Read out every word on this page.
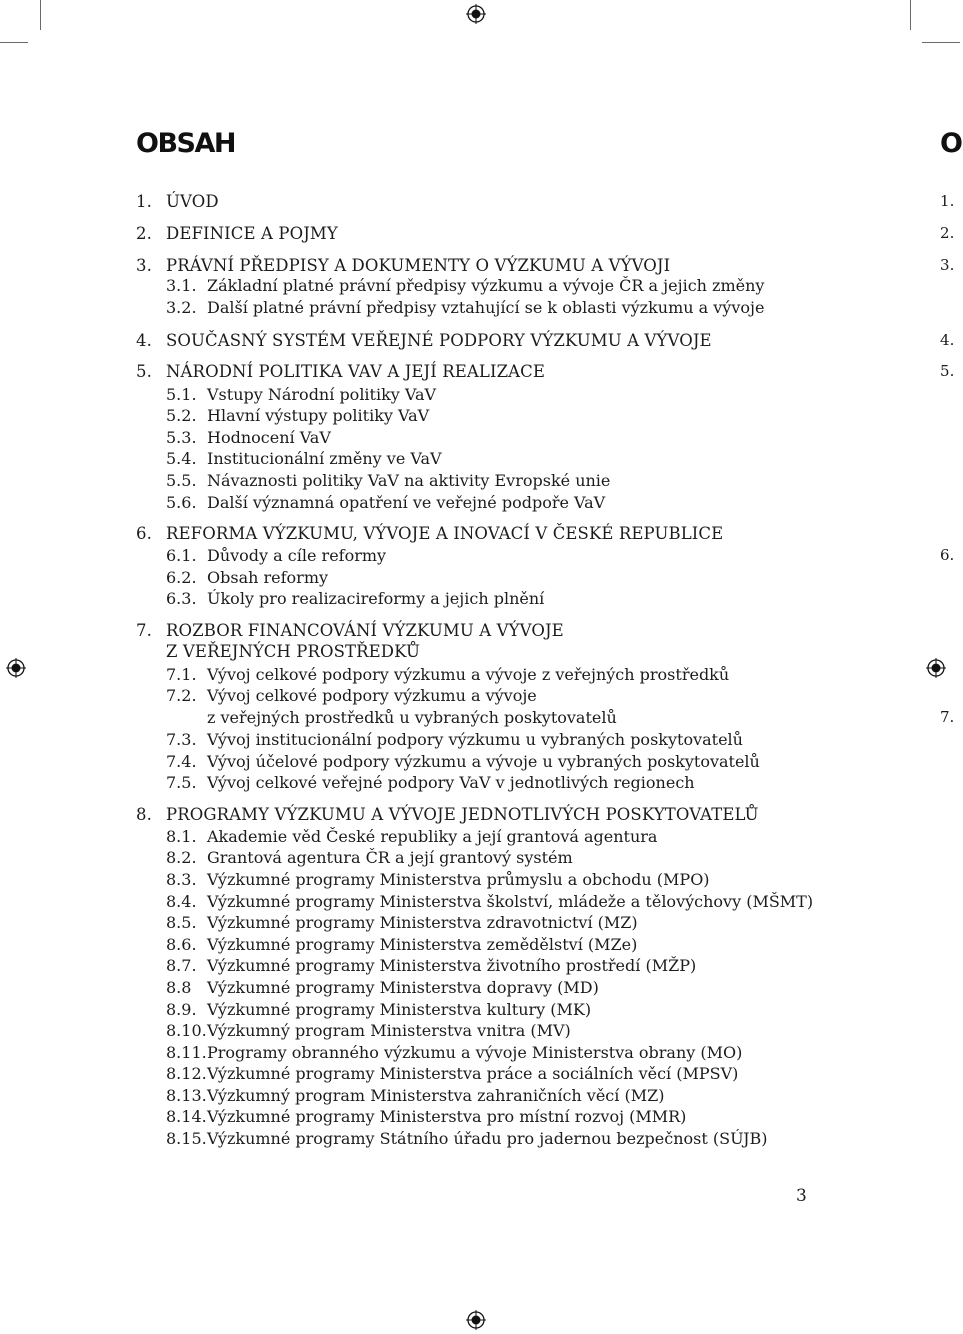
OBSAH	O
1. ÚVOD	1.
2. DEFINICE A POJMY	2.
3. PRÁVNÍ PŘEDPISY A DOKUMENTY O VÝZKUMU A VÝVOJI	3.
3.1. Základní platné právní předpisy výzkumu a vývoje ČR a jejich změny
3.2. Další platné právní předpisy vztahující se k oblasti výzkumu a vývoje
4. SOUČASNÝ SYSTÉM VEŘEJNÉ PODPORY VÝZKUMU A VÝVOJE	4.
5. NÁRODNÍ POLITIKA VAV A JEJÍ REALIZACE	5.
5.1. Vstupy Národní politiky VaV
5.2. Hlavní výstupy politiky VaV
5.3. Hodnocení VaV
5.4. Institucionální změny ve VaV
5.5. Návaznosti politiky VaV na aktivity Evropské unie
5.6. Další významná opatření ve veřejné podpoře VaV
6. REFORMA VÝZKUMU, VÝVOJE A INOVACÍ V ČESKÉ REPUBLICE
6.1. Důvody a cíle reformy	6.
6.2. Obsah reformy
6.3. Úkoly pro realizacireformy a jejich plnění
7. ROZBOR FINANCOVÁNÍ VÝZKUMU A VÝVOJE
Z VEŘEJNÝCH PROSTŘEDKŮ
7.1. Vývoj celkové podpory výzkumu a vývoje z veřejných prostředků
7.2. Vývoj celkové podpory výzkumu a vývoje
z veřejných prostředků u vybraných poskytovatelů	7.
7.3. Vývoj institucionální podpory výzkumu u vybraných poskytovatelů
7.4. Vývoj účelové podpory výzkumu a vývoje u vybraných poskytovatelů
7.5. Vývoj celkové veřejné podpory VaV v jednotlivých regionech
8. PROGRAMY VÝZKUMU A VÝVOJE JEDNOTLIVÝCH POSKYTOVATELŮ
8.1. Akademie věd České republiky a její grantová agentura
8.2. Grantová agentura ČR a její grantový systém
8.3. Výzkumné programy Ministerstva průmyslu a obchodu (MPO)
8.4. Výzkumné programy Ministerstva školství, mládeže a tělovýchovy (MŠMT)
8.5. Výzkumné programy Ministerstva zdravotnictví (MZ)
8.6. Výzkumné programy Ministerstva zemědělství (MZe)
8.7. Výzkumné programy Ministerstva životního prostředí (MŽP)
8.8 Výzkumné programy Ministerstva dopravy (MD)
8.9. Výzkumné programy Ministerstva kultury (MK)
8.10. Výzkumný program Ministerstva vnitra (MV)
8.11. Programy obranného výzkumu a vývoje Ministerstva obrany (MO)
8.12. Výzkumné programy Ministerstva práce a sociálních věcí (MPSV)
8.13. Výzkumný program Ministerstva zahraničních věcí (MZ)
8.14. Výzkumné programy Ministerstva pro místní rozvoj (MMR)
8.15. Výzkumné programy Státního úřadu pro jadernou bezpečnost (SÚJB)
3
